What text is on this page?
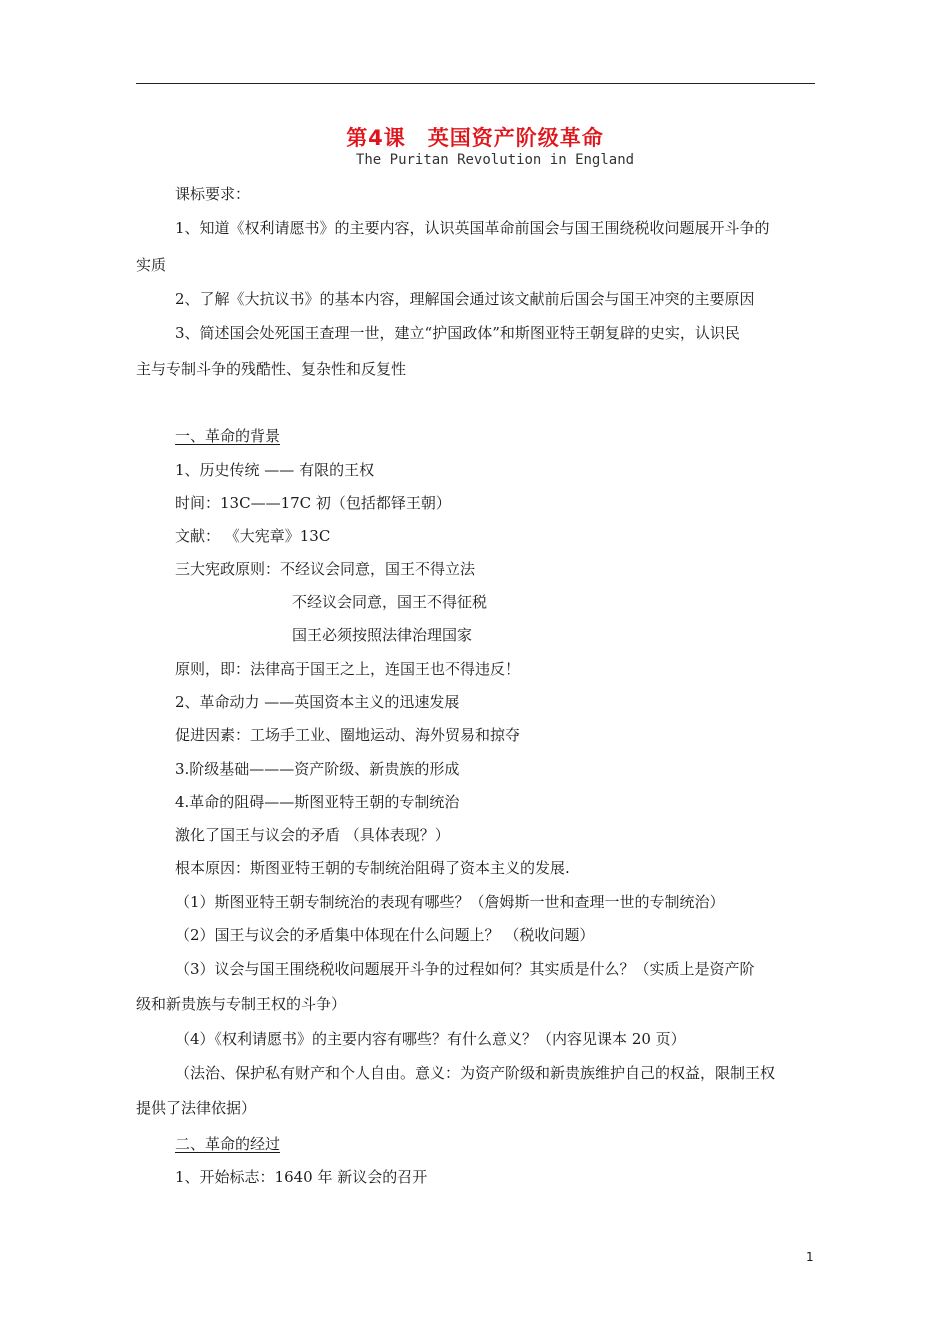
第4课　英国资产阶级革命
The Puritan Revolution in England
课标要求：
1、知道《权利请愿书》的主要内容，认识英国革命前国会与国王围绕税收问题展开斗争的
实质
2、了解《大抗议书》的基本内容，理解国会通过该文献前后国会与国王冲突的主要原因
3、简述国会处死国王查理一世，建立“护国政体”和斯图亚特王朝复辟的史实，认识民
主与专制斗争的残酷性、复杂性和反复性
一、革命的背景
1、历史传统 —— 有限的王权
时间：13C——17C 初（包括都铎王朝）
文献： 《大宪章》13C
三大宪政原则：不经议会同意，国王不得立法
不经议会同意，国王不得征税
国王必须按照法律治理国家
原则，即：法律高于国王之上，连国王也不得违反！
2、革命动力 ——英国资本主义的迅速发展
促进因素：工场手工业、圈地运动、海外贸易和掠夺
3.阶级基础———资产阶级、新贵族的形成
4.革命的阻碍——斯图亚特王朝的专制统治
激化了国王与议会的矛盾 （具体表现？）
根本原因：斯图亚特王朝的专制统治阻碍了资本主义的发展.
（1）斯图亚特王朝专制统治的表现有哪些？（詹姆斯一世和查理一世的专制统治）
（2）国王与议会的矛盾集中体现在什么问题上？ （税收问题）
（3）议会与国王围绕税收问题展开斗争的过程如何？其实质是什么？（实质上是资产阶
级和新贵族与专制王权的斗争）
（4）《权利请愿书》的主要内容有哪些？有什么意义？（内容见课本 20 页）
（法治、保护私有财产和个人自由。意义：为资产阶级和新贵族维护自己的权益，限制王权
提供了法律依据）
二、革命的经过
1、开始标志：1640 年 新议会的召开
1
